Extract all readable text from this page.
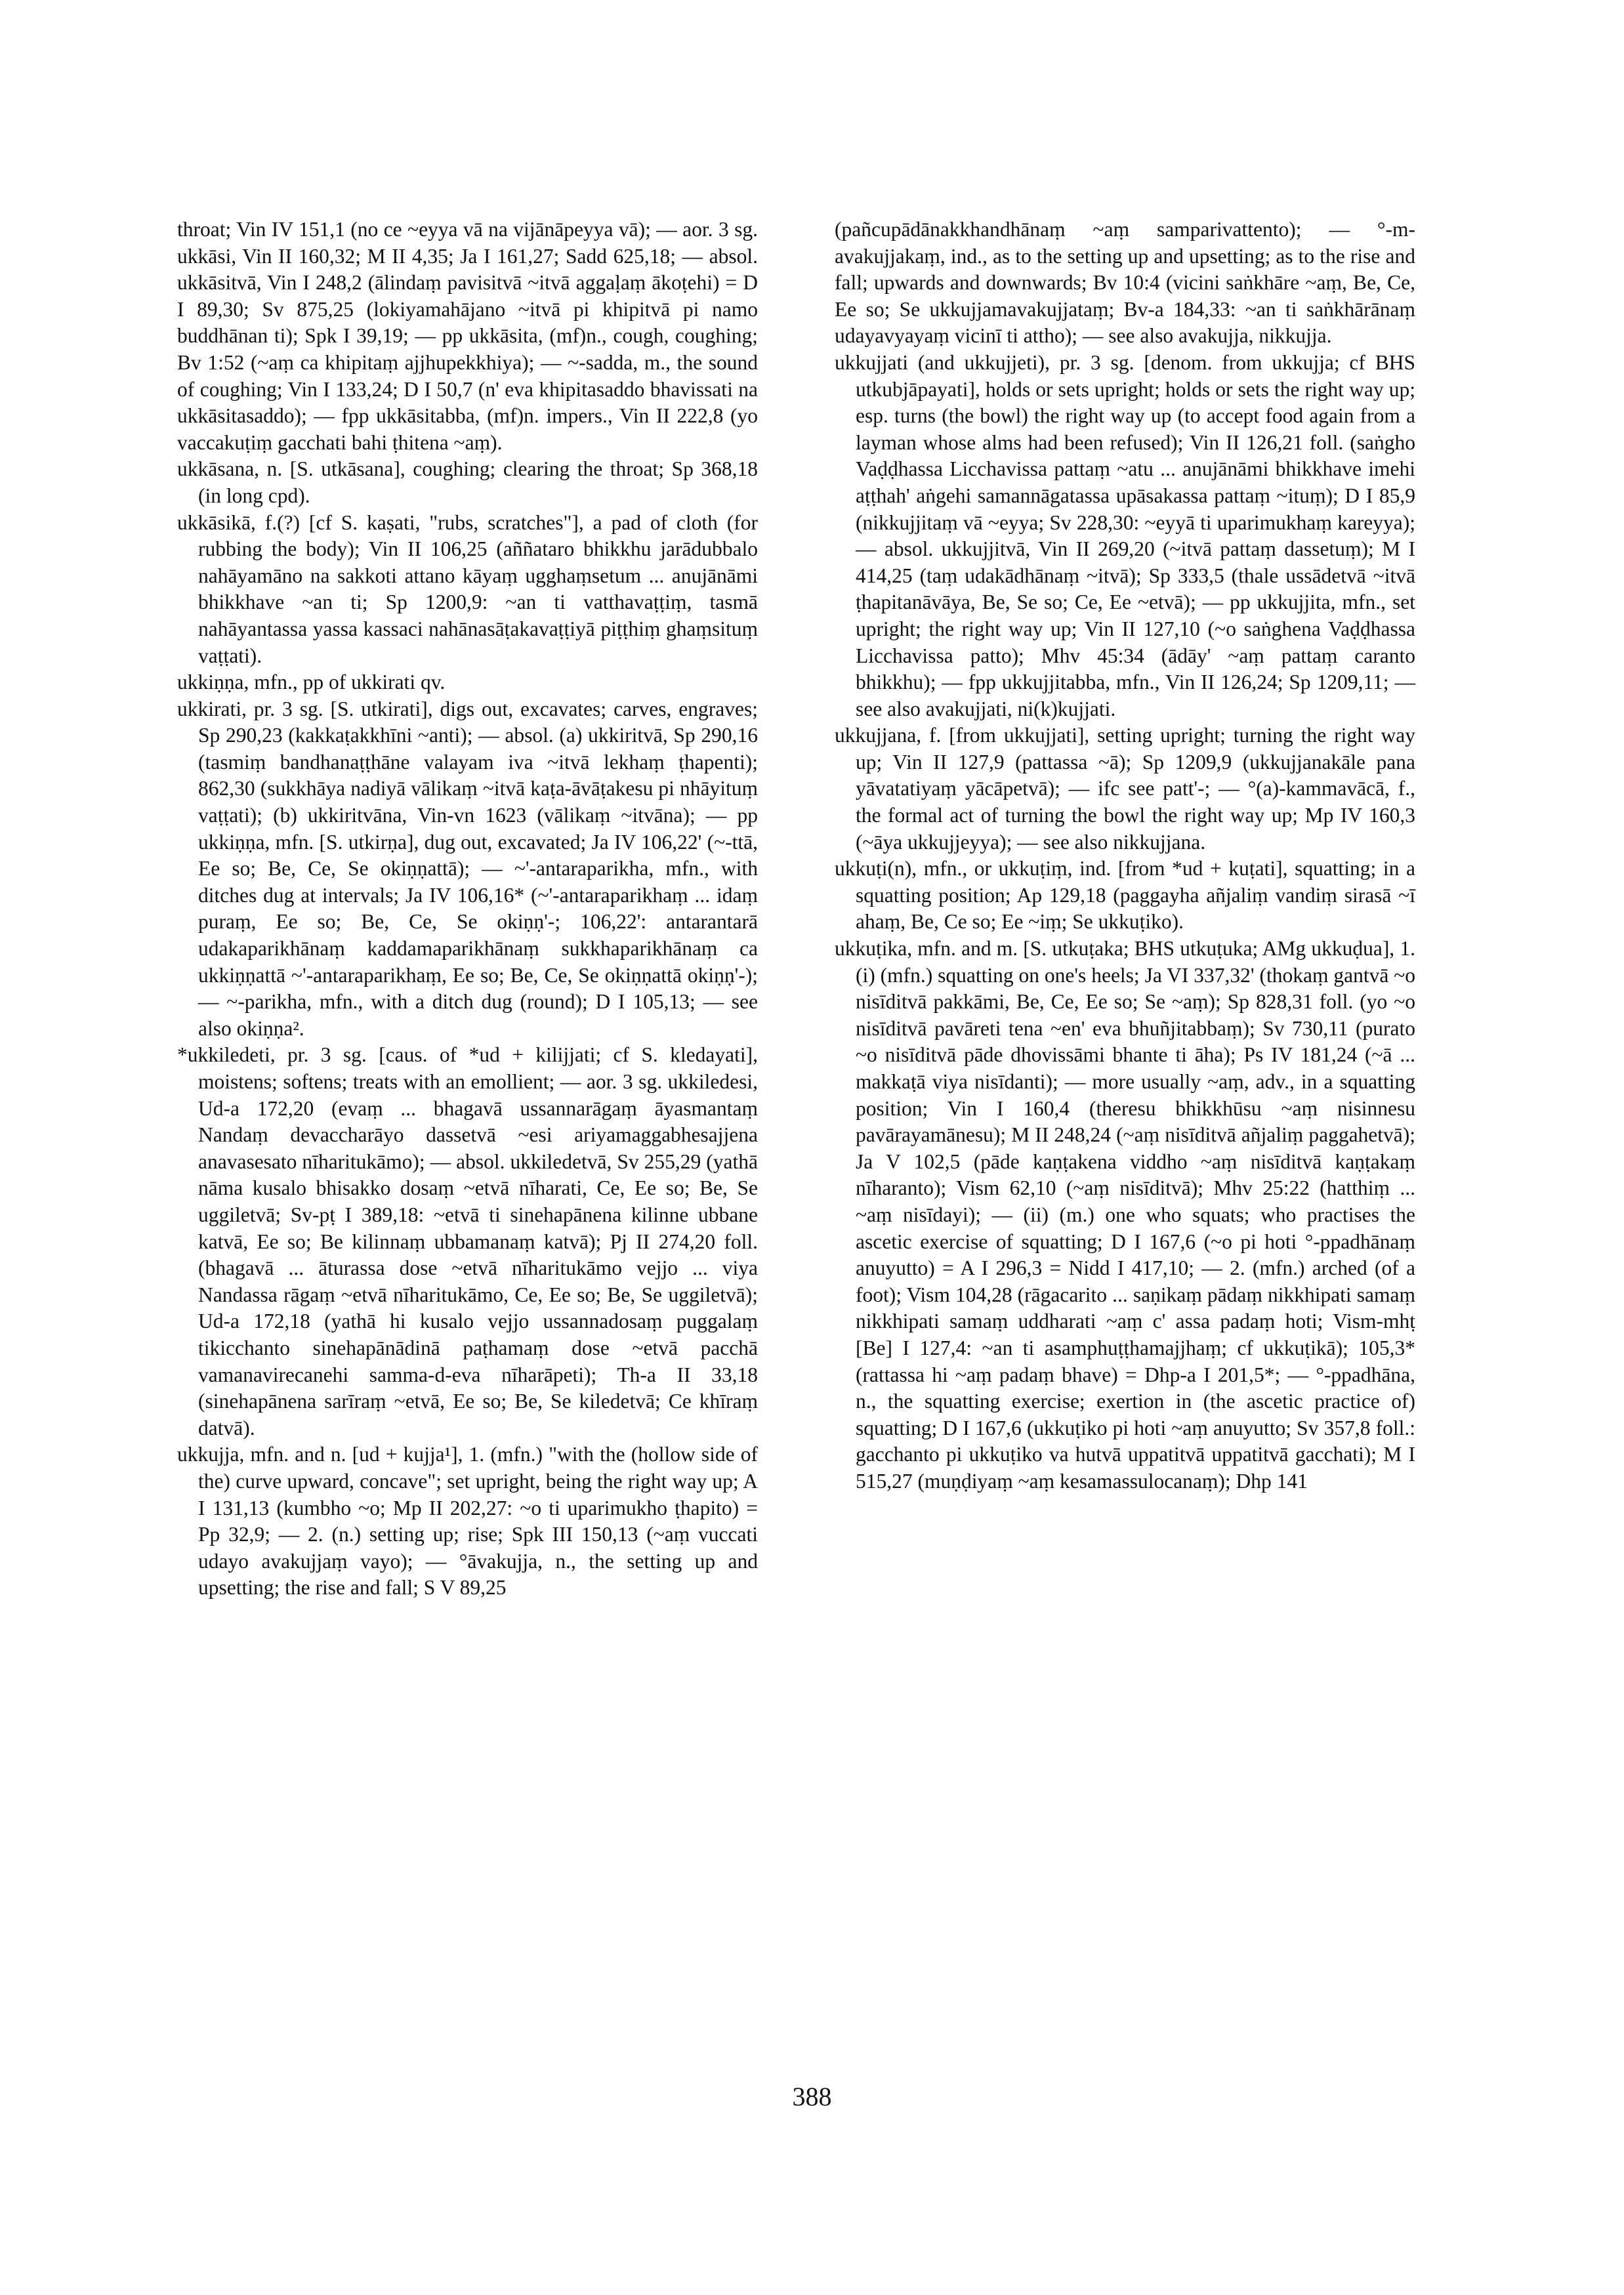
throat; Vin IV 151,1 (no ce ~eyya vā na vijānāpeyya vā); — aor. 3 sg. ukkāsi, Vin II 160,32; M II 4,35; Ja I 161,27; Sadd 625,18; — absol. ukkāsitvā, Vin I 248,2 (ālindaṃ pavisitvā ~itvā aggaḷaṃ ākoṭehi) = D I 89,30; Sv 875,25 (lokiyamahājano ~itvā pi khipitvā pi namo buddhānan ti); Spk I 39,19; — pp ukkāsita, (mf)n., cough, coughing; Bv 1:52 (~aṃ ca khipitaṃ ajjhupekkhiya); — ~-sadda, m., the sound of coughing; Vin I 133,24; D I 50,7 (n' eva khipitasaddo bhavissati na ukkāsitasaddo); — fpp ukkāsitabba, (mf)n. impers., Vin II 222,8 (yo vaccakuṭiṃ gacchati bahi ṭhitena ~aṃ).

ukkāsana, n. [S. utkāsana], coughing; clearing the throat; Sp 368,18 (in long cpd).

ukkāsikā, f.(?) [cf S. kaṣati, "rubs, scratches"], a pad of cloth (for rubbing the body); Vin II 106,25 (aññataro bhikkhu jarādubbalo nahāyamāno na sakkoti attano kāyaṃ ugghaṃsetum ... anujānāmi bhikkhave ~an ti; Sp 1200,9: ~an ti vatthavaṭṭiṃ, tasmā nahāyantassa yassa kassaci nahānasāṭakavaṭṭiyā piṭṭhiṃ ghaṃsituṃ vaṭṭati).

ukkiṇṇa, mfn., pp of ukkirati qv.

ukkirati, pr. 3 sg. [S. utkirati], digs out, excavates; carves, engraves; Sp 290,23 (kakkaṭakkhīni ~anti); — absol. (a) ukkiritvā, Sp 290,16 (tasmiṃ bandhanaṭṭhāne valayam iva ~itvā lekhaṃ ṭhapenti); 862,30 (sukkhāya nadiyā vālikaṃ ~itvā kaṭa-āvāṭakesu pi nhāyituṃ vaṭṭati); (b) ukkiritvāna, Vin-vn 1623 (vālikaṃ ~itvāna); — pp ukkiṇṇa, mfn. [S. utkirṇa], dug out, excavated; Ja IV 106,22' (~-ttā, Ee so; Be, Ce, Se okiṇṇattā); — ~'-antaraparikha, mfn., with ditches dug at intervals; Ja IV 106,16* (~'-antaraparikhaṃ ... idaṃ puraṃ, Ee so; Be, Ce, Se okiṇṇ'-; 106,22': antarantarā udakaparikhānaṃ kaddamaparikhānaṃ sukkhaparikhānaṃ ca ukkiṇṇattā ~'-antaraparikhaṃ, Ee so; Be, Ce, Se okiṇṇattā okiṇṇ'-); — ~-parikha, mfn., with a ditch dug (round); D I 105,13; — see also okiṇṇa².

*ukkiledeti, pr. 3 sg. [caus. of *ud + kilijjati; cf S. kledayati], moistens; softens; treats with an emollient; — aor. 3 sg. ukkiledesi, Ud-a 172,20 (evaṃ ... bhagavā ussannarāgaṃ āyasmantaṃ Nandaṃ devaccharāyo dassetvā ~esi ariyamaggabhesajjena anavasesato nīharitukāmo); — absol. ukkiledetvā, Sv 255,29 (yathā nāma kusalo bhisakko dosaṃ ~etvā nīharati, Ce, Ee so; Be, Se uggiletvā; Sv-pṭ I 389,18: ~etvā ti sinehapānena kilinne ubbane katvā, Ee so; Be kilinnaṃ ubbamanaṃ katvā); Pj II 274,20 foll. (bhagavā ... āturassa dose ~etvā nīharitukāmo vejjo ... viya Nandassa rāgaṃ ~etvā nīharitukāmo, Ce, Ee so; Be, Se uggiletvā); Ud-a 172,18 (yathā hi kusalo vejjo ussannadosaṃ puggalaṃ tikicchanto sinehapānādinā paṭhamaṃ dose ~etvā pacchā vamanavirecanehi samma-d-eva nīharāpeti); Th-a II 33,18 (sinehapānena sarīraṃ ~etvā, Ee so; Be, Se kiledetvā; Ce khīraṃ datvā).

ukkujja, mfn. and n. [ud + kujja¹], 1. (mfn.) "with the (hollow side of the) curve upward, concave"; set upright, being the right way up; A I 131,13 (kumbho ~o; Mp II 202,27: ~o ti uparimukho ṭhapito) = Pp 32,9; — 2. (n.) setting up; rise; Spk III 150,13 (~aṃ vuccati udayo avakujjaṃ vayo); — °āvakujja, n., the setting up and upsetting; the rise and fall; S V 89,25

(pañcupādānakkhandhānaṃ ~aṃ samparivattento); — °-m-avakujjakaṃ, ind., as to the setting up and upsetting; as to the rise and fall; upwards and downwards; Bv 10:4 (vicini saṅkhāre ~aṃ, Be, Ce, Ee so; Se ukkujjamavakujjataṃ; Bv-a 184,33: ~an ti saṅkhārānaṃ udayavyayaṃ vicinī ti attho); — see also avakujja, nikkujja.

ukkujjati (and ukkujjeti), pr. 3 sg. [denom. from ukkujja; cf BHS utkubjāpayati], holds or sets upright; holds or sets the right way up; esp. turns (the bowl) the right way up (to accept food again from a layman whose alms had been refused); Vin II 126,21 foll. (saṅgho Vaḍḍhassa Licchavissa pattaṃ ~atu ... anujānāmi bhikkhave imehi aṭṭhah' aṅgehi samannāgatassa upāsakassa pattaṃ ~ituṃ); D I 85,9 (nikkujjitaṃ vā ~eyya; Sv 228,30: ~eyyā ti uparimukhaṃ kareyya); — absol. ukkujjitvā, Vin II 269,20 (~itvā pattaṃ dassetuṃ); M I 414,25 (taṃ udakādhānaṃ ~itvā); Sp 333,5 (thale ussādetvā ~itvā ṭhapitanāvāya, Be, Se so; Ce, Ee ~etvā); — pp ukkujjita, mfn., set upright; the right way up; Vin II 127,10 (~o saṅghena Vaḍḍhassa Licchavissa patto); Mhv 45:34 (ādāy' ~aṃ pattaṃ caranto bhikkhu); — fpp ukkujjitabba, mfn., Vin II 126,24; Sp 1209,11; — see also avakujjati, ni(k)kujjati.

ukkujjana, f. [from ukkujjati], setting upright; turning the right way up; Vin II 127,9 (pattassa ~ā); Sp 1209,9 (ukkujjanakāle pana yāvatatiyaṃ yācāpetvā); — ifc see patt'-; — °(a)-kammavācā, f., the formal act of turning the bowl the right way up; Mp IV 160,3 (~āya ukkujjeyya); — see also nikkujjana.

ukkuṭi(n), mfn., or ukkuṭiṃ, ind. [from *ud + kuṭati], squatting; in a squatting position; Ap 129,18 (paggayha añjaliṃ vandiṃ sirasā ~ī ahaṃ, Be, Ce so; Ee ~iṃ; Se ukkuṭiko).

ukkuṭika, mfn. and m. [S. utkuṭaka; BHS utkuṭuka; AMg ukkuḍua], 1. (i) (mfn.) squatting on one's heels; Ja VI 337,32' (thokaṃ gantvā ~o nisīditvā pakkāmi, Be, Ce, Ee so; Se ~aṃ); Sp 828,31 foll. (yo ~o nisīditvā pavāreti tena ~en' eva bhuñjitabbaṃ); Sv 730,11 (purato ~o nisīditvā pāde dhovissāmi bhante ti āha); Ps IV 181,24 (~ā ... makkaṭā viya nisīdanti); — more usually ~aṃ, adv., in a squatting position; Vin I 160,4 (theresu bhikkhūsu ~aṃ nisinnesu pavārayamānesu); M II 248,24 (~aṃ nisīditvā añjaliṃ paggahetvā); Ja V 102,5 (pāde kaṇṭakena viddho ~aṃ nisīditvā kaṇṭakaṃ nīharanto); Vism 62,10 (~aṃ nisīditvā); Mhv 25:22 (hatthiṃ ... ~aṃ nisīdayi); — (ii) (m.) one who squats; who practises the ascetic exercise of squatting; D I 167,6 (~o pi hoti °-ppadhānaṃ anuyutto) = A I 296,3 = Nidd I 417,10; — 2. (mfn.) arched (of a foot); Vism 104,28 (rāgacarito ... saṇikaṃ pādaṃ nikkhipati samaṃ nikkhipati samaṃ uddharati ~aṃ c' assa padaṃ hoti; Vism-mhṭ [Be] I 127,4: ~an ti asamphuṭṭhamajjhaṃ; cf ukkuṭikā); 105,3* (rattassa hi ~aṃ padaṃ bhave) = Dhp-a I 201,5*; — °-ppadhāna, n., the squatting exercise; exertion in (the ascetic practice of) squatting; D I 167,6 (ukkuṭiko pi hoti ~aṃ anuyutto; Sv 357,8 foll.: gacchanto pi ukkuṭiko va hutvā uppatitvā uppatitvā gacchati); M I 515,27 (muṇḍiyaṃ ~aṃ kesamassulocanaṃ); Dhp 141

388
